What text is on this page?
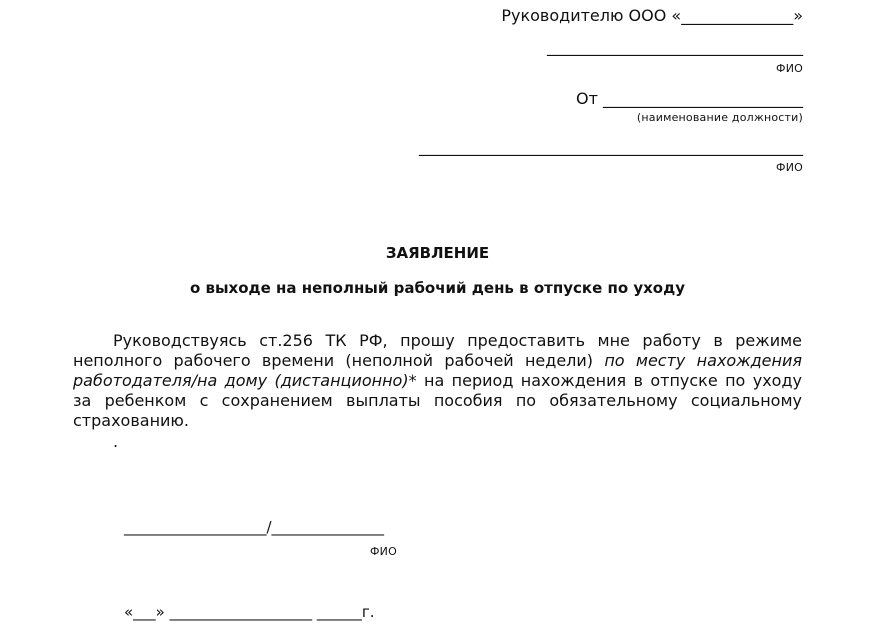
Руководителю ООО «______________»
________________________________
ФИО
От _________________________
(наименование должности)
________________________________________________
ФИО
ЗАЯВЛЕНИЕ
о выходе на неполный рабочий день в отпуске по уходу
Руководствуясь ст.256 ТК РФ, прошу предоставить мне работу в режиме неполного рабочего времени (неполной рабочей недели) по месту нахождения работодателя/на дому (дистанционно)* на период нахождения в отпуске по уходу за ребенком с сохранением выплаты пособия по обязательному социальному страхованию.
.
___________________/_______________
ФИО
«___» ___________________ ______г.
